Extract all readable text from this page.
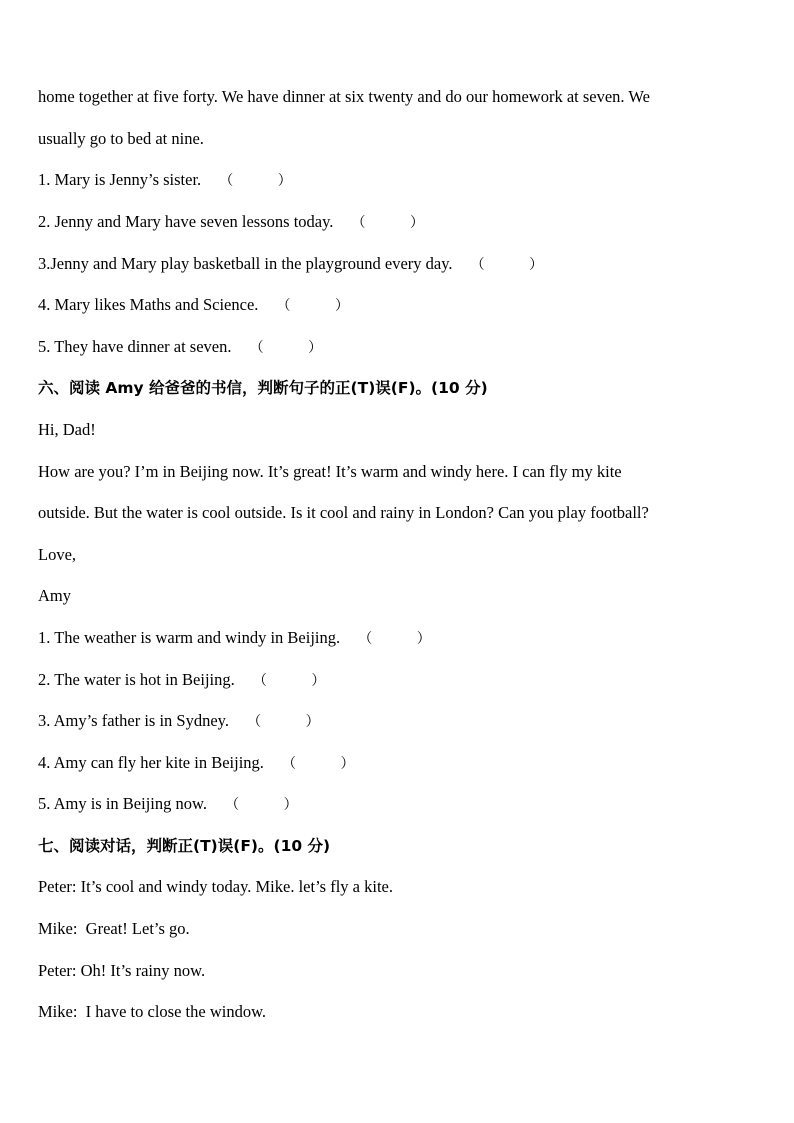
home together at five forty. We have dinner at six twenty and do our homework at seven. We
usually go to bed at nine.
1. Mary is Jenny’s sister. （          ）
2. Jenny and Mary have seven lessons today. （          ）
3.Jenny and Mary play basketball in the playground every day. （          ）
4. Mary likes Maths and Science. （          ）
5. They have dinner at seven. （          ）
六、阅读 Amy 给爸爸的书信，判断句子的正(T)误(F)。(10 分)
Hi, Dad!
How are you? I’m in Beijing now. It’s great! It’s warm and windy here. I can fly my kite
outside. But the water is cool outside. Is it cool and rainy in London? Can you play football?
Love,
Amy
1. The weather is warm and windy in Beijing. （          ）
2. The water is hot in Beijing. （          ）
3. Amy’s father is in Sydney. （          ）
4. Amy can fly her kite in Beijing. （          ）
5. Amy is in Beijing now. （          ）
七、阅读对话，判断正(T)误(F)。(10 分)
Peter: It’s cool and windy today. Mike. let’s fly a kite.
Mike:  Great! Let’s go.
Peter: Oh! It’s rainy now.
Mike:  I have to close the window.
